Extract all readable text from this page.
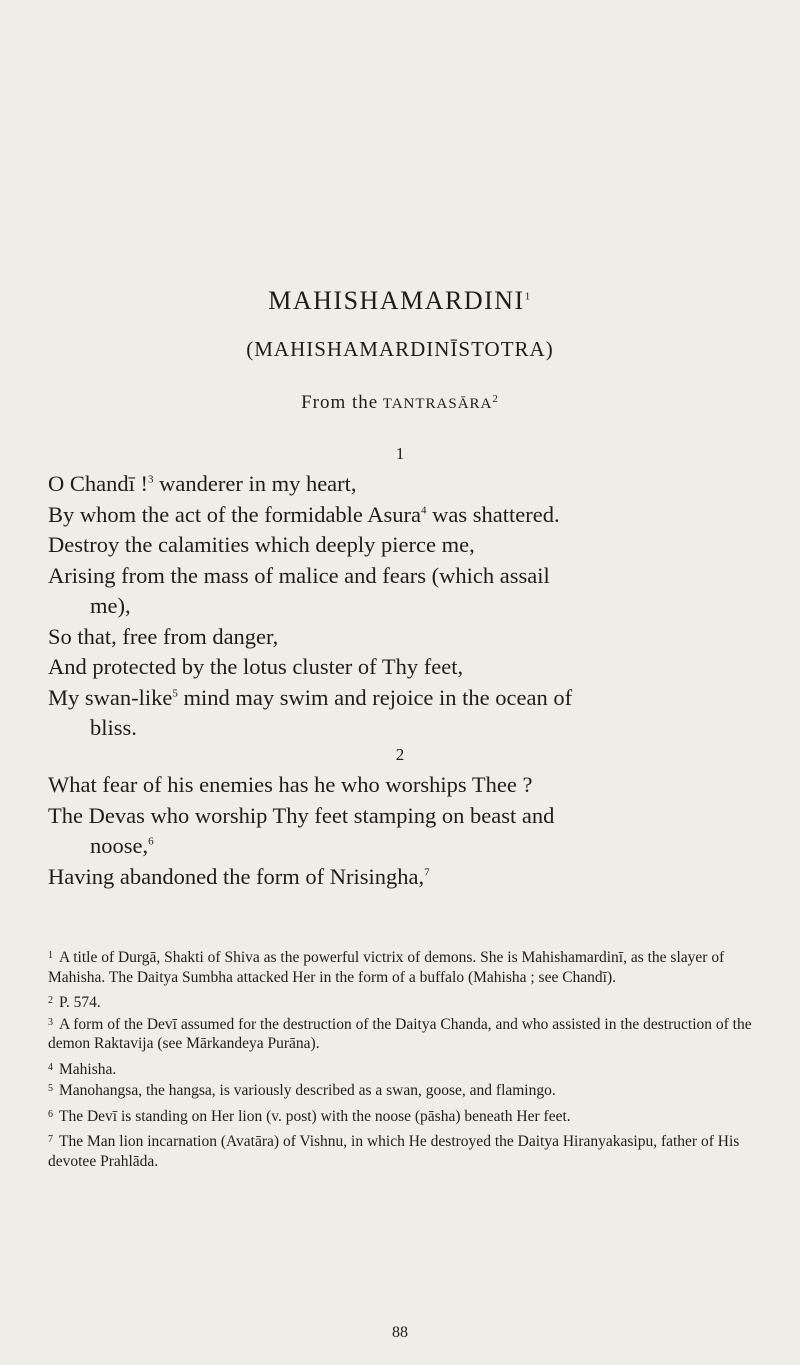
MAHISHAMARDINI$^1$
(MAHISHAMARDINĪSTOTRA)
From the TANTRASĀRA$^2$
1
O Chandī !$^3$ wanderer in my heart,
By whom the act of the formidable Asura$^4$ was shattered.
Destroy the calamities which deeply pierce me,
Arising from the mass of malice and fears (which assail
me),
So that, free from danger,
And protected by the lotus cluster of Thy feet,
My swan-like$^5$ mind may swim and rejoice in the ocean of
bliss.
2
What fear of his enemies has he who worships Thee ?
The Devas who worship Thy feet stamping on beast and
noose,$^6$
Having abandoned the form of Nrisingha,$^7$
$^1$ A title of Durgā, Shakti of Shiva as the powerful victrix of demons. She is Mahishamardinī, as the slayer of Mahisha. The Daitya Sumbha attacked Her in the form of a buffalo (Mahisha ; see Chandī).
$^2$ P. 574.
$^3$ A form of the Devī assumed for the destruction of the Daitya Chanda, and who assisted in the destruction of the demon Raktavija (see Mārkandeya Purāna).
$^4$ Mahisha.
$^5$ Manohangsa, the hangsa, is variously described as a swan, goose, and flamingo.
$^6$ The Devī is standing on Her lion (v. post) with the noose (pāsha) beneath Her feet.
$^7$ The Man lion incarnation (Avatāra) of Vishnu, in which He destroyed the Daitya Hiranyakasipu, father of His devotee Prahlāda.
88
